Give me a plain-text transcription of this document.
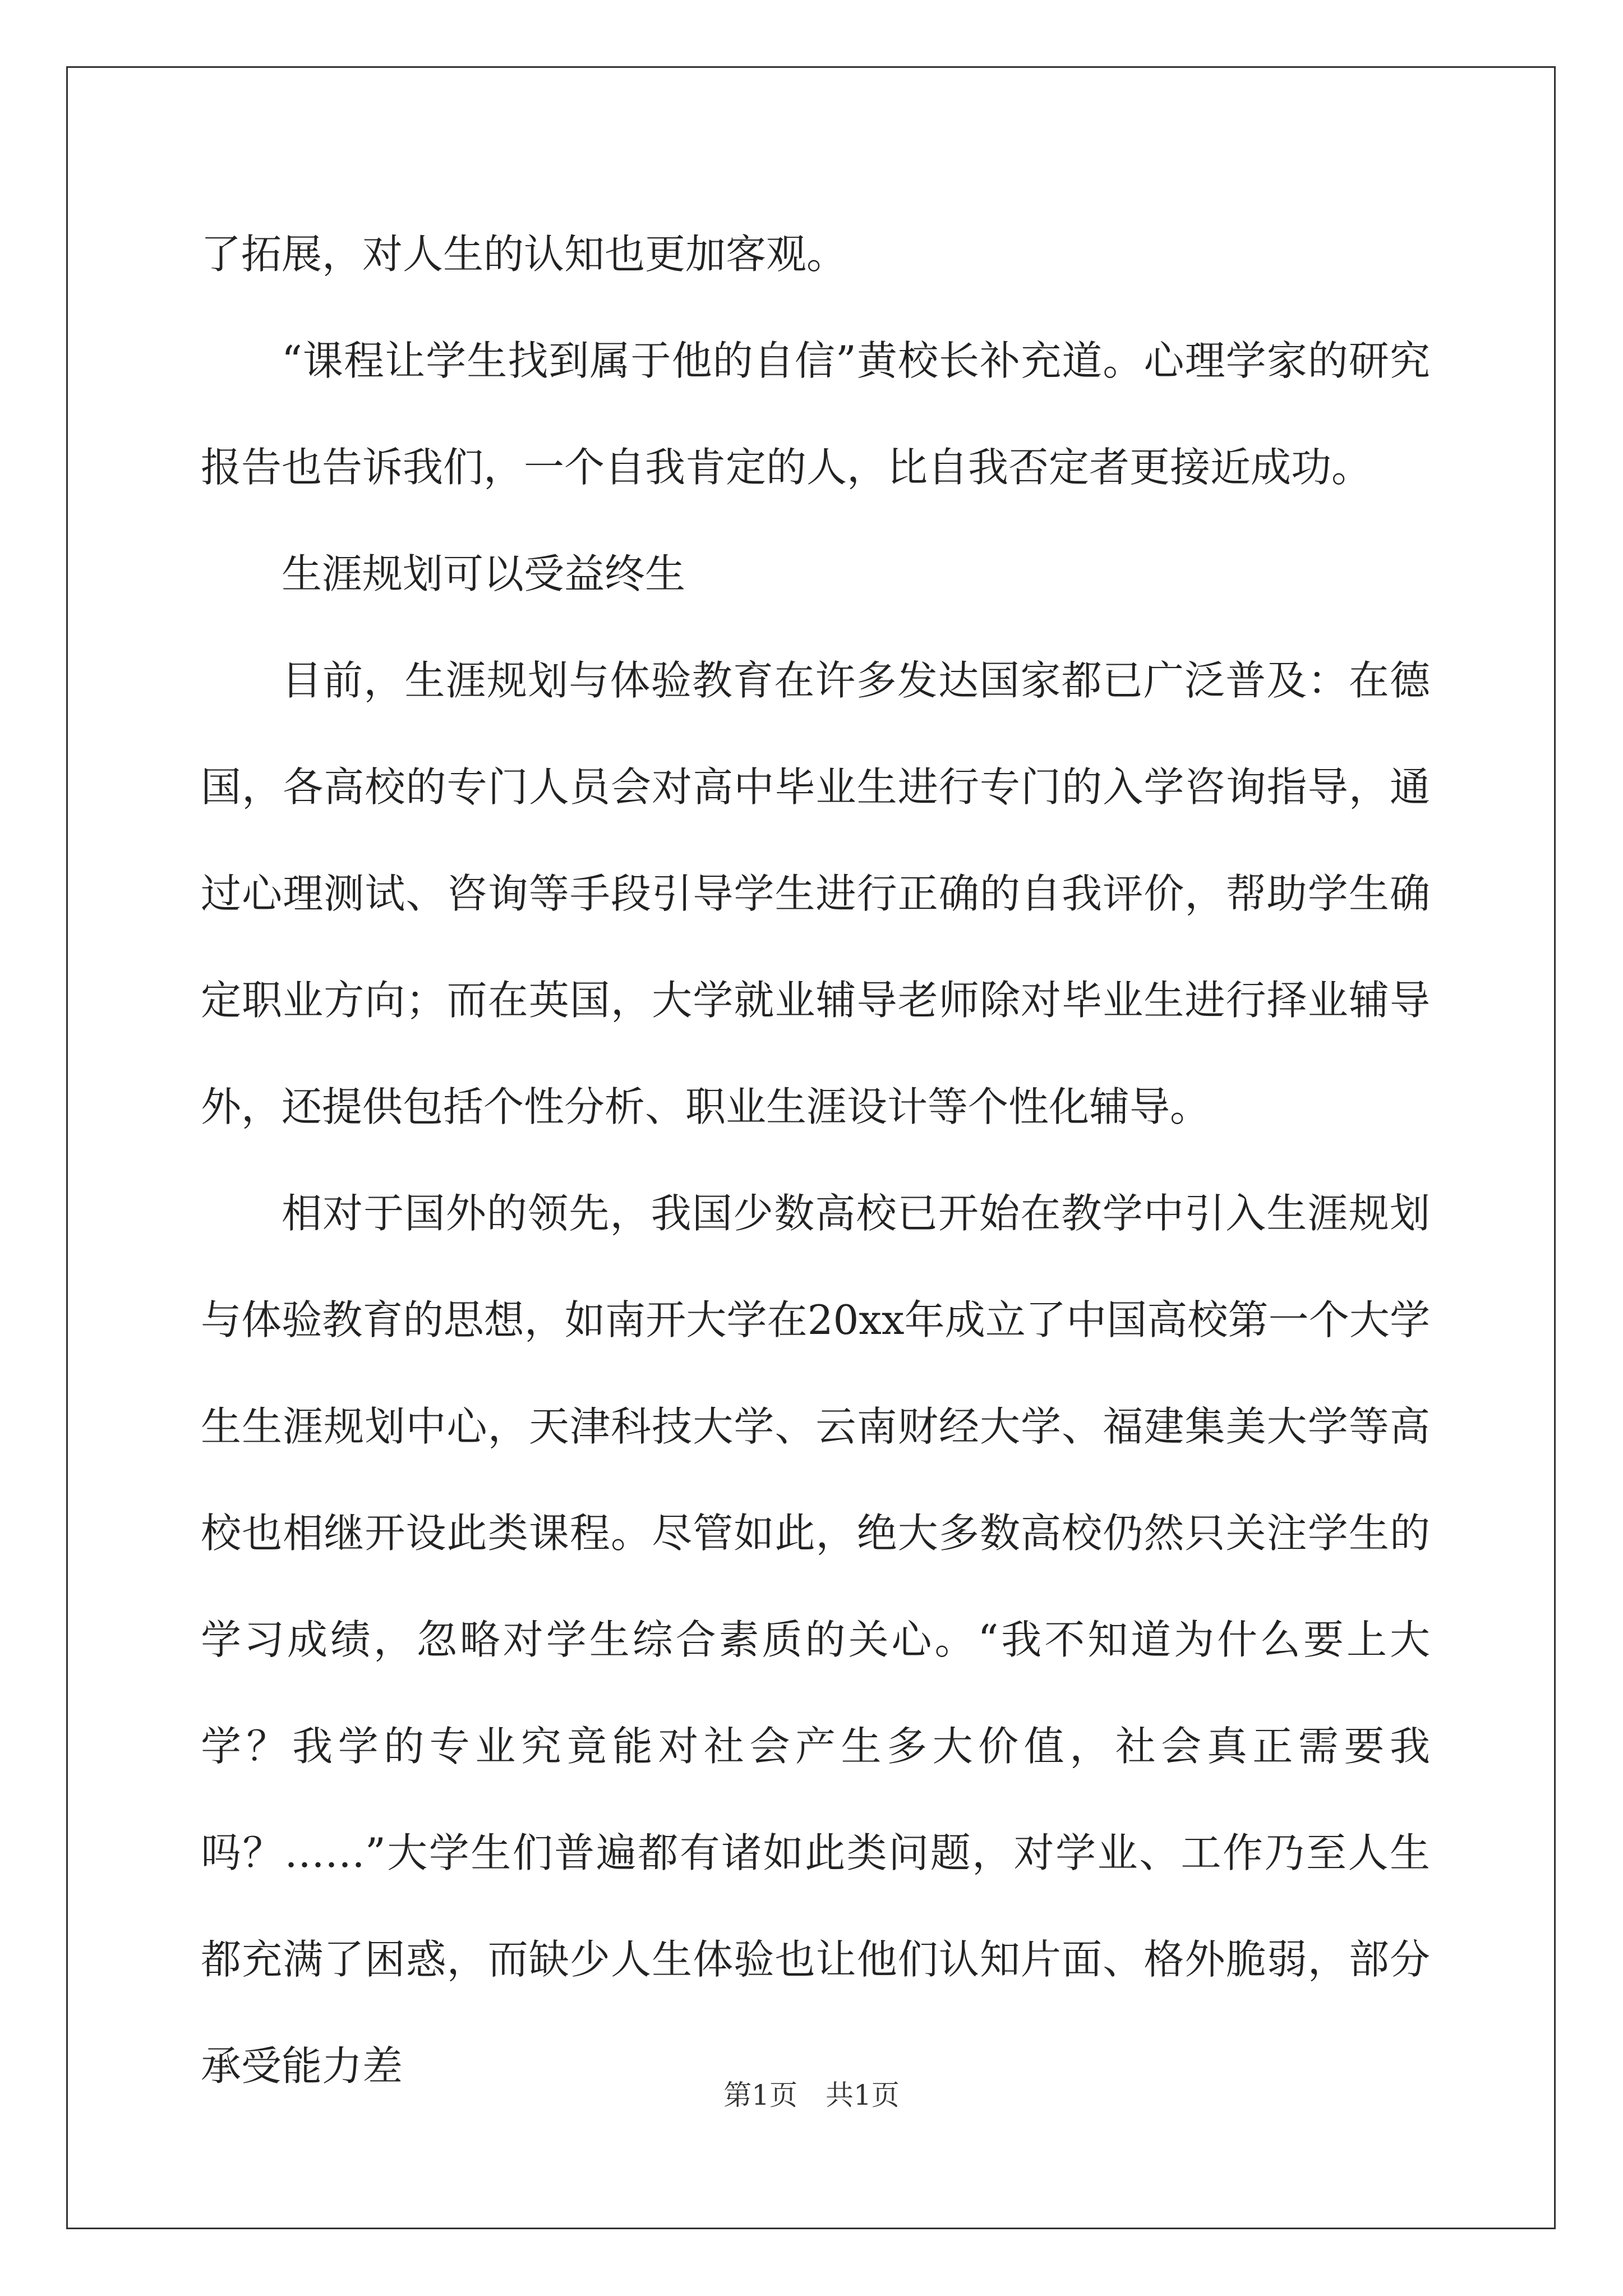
了拓展，对人生的认知也更加客观。

“课程让学生找到属于他的自信”黄校长补充道。心理学家的研究报告也告诉我们，一个自我肯定的人，比自我否定者更接近成功。

生涯规划可以受益终生

目前，生涯规划与体验教育在许多发达国家都已广泛普及：在德国，各高校的专门人员会对高中毕业生进行专门的入学咨询指导，通过心理测试、咨询等手段引导学生进行正确的自我评价，帮助学生确定职业方向；而在英国，大学就业辅导老师除对毕业生进行择业辅导外，还提供包括个性分析、职业生涯设计等个性化辅导。

相对于国外的领先，我国少数高校已开始在教学中引入生涯规划与体验教育的思想，如南开大学在20xx年成立了中国高校第一个大学生生涯规划中心，天津科技大学、云南财经大学、福建集美大学等高校也相继开设此类课程。尽管如此，绝大多数高校仍然只关注学生的学习成绩，忽略对学生综合素质的关心。“我不知道为什么要上大学？我学的专业究竟能对社会产生多大价值，社会真正需要我吗？……”大学生们普遍都有诸如此类问题，对学业、工作乃至人生都充满了困惑，而缺少人生体验也让他们认知片面、格外脆弱，部分承受能力差

第1页　共1页
